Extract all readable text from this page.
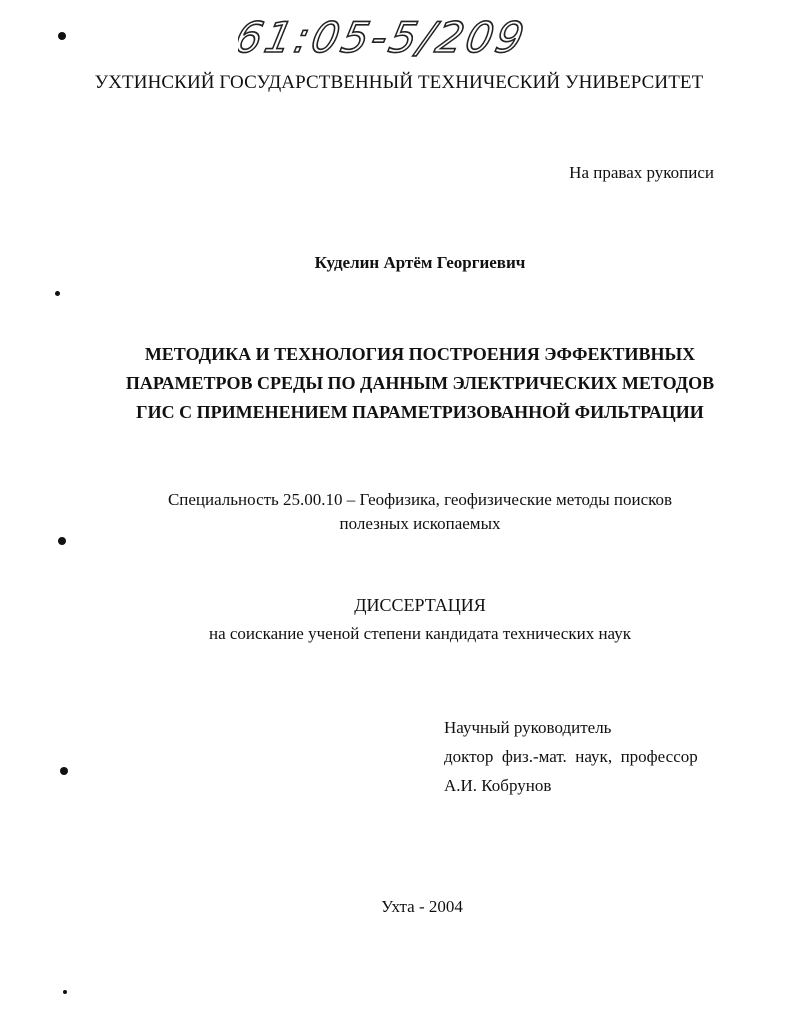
61:05-5/209
УХТИНСКИЙ ГОСУДАРСТВЕННЫЙ ТЕХНИЧЕСКИЙ УНИВЕРСИТЕТ
На правах рукописи
Куделин Артём Георгиевич
МЕТОДИКА И ТЕХНОЛОГИЯ ПОСТРОЕНИЯ ЭФФЕКТИВНЫХ
ПАРАМЕТРОВ СРЕДЫ ПО ДАННЫМ ЭЛЕКТРИЧЕСКИХ МЕТОДОВ
ГИС С ПРИМЕНЕНИЕМ ПАРАМЕТРИЗОВАННОЙ ФИЛЬТРАЦИИ
Специальность 25.00.10 – Геофизика, геофизические методы поисков
полезных ископаемых
ДИССЕРТАЦИЯ
на соискание ученой степени кандидата технических наук
Научный руководитель
доктор  физ.-мат.  наук,  профессор
А.И. Кобрунов
Ухта - 2004
